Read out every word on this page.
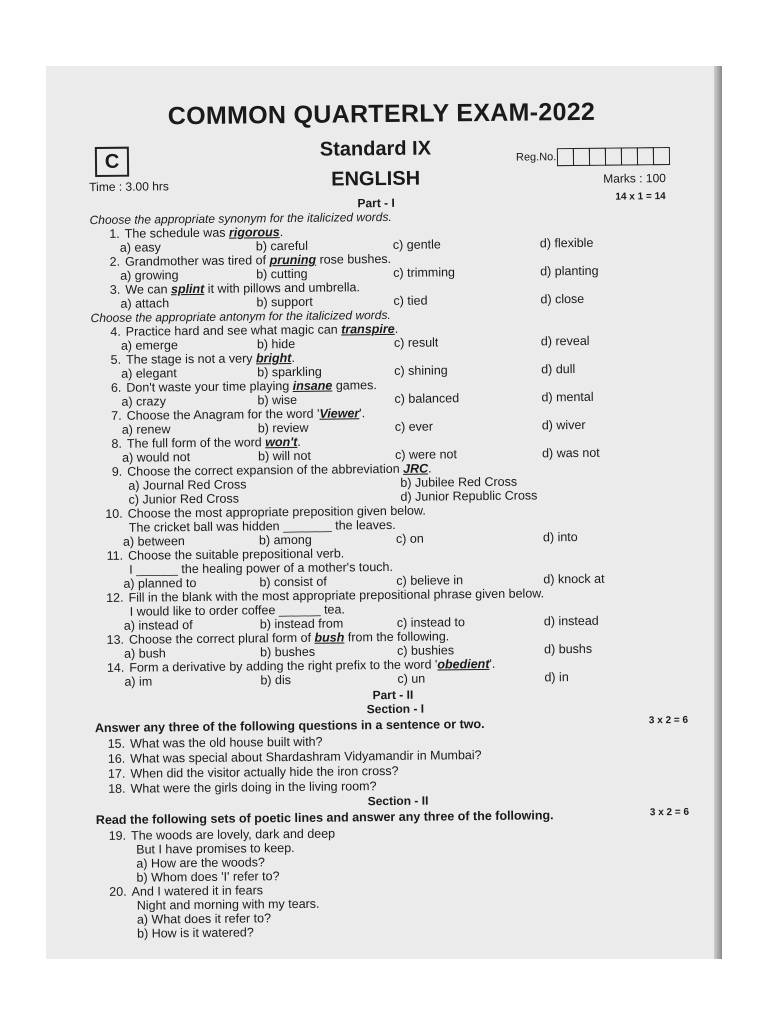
COMMON QUARTERLY EXAM-2022
C
Standard IX
ENGLISH
Reg.No.
Time : 3.00 hrs
Marks : 100
14 x 1 = 14
Part - I
Choose the appropriate synonym for the italicized words.
1. The schedule was rigorous.
a) easy	b) careful	c) gentle	d) flexible
2. Grandmother was tired of pruning rose bushes.
a) growing	b) cutting	c) trimming	d) planting
3. We can splint it with pillows and umbrella.
a) attach	b) support	c) tied	d) close
Choose the appropriate antonym for the italicized words.
4. Practice hard and see what magic can transpire.
a) emerge	b) hide	c) result	d) reveal
5. The stage is not a very bright.
a) elegant	b) sparkling	c) shining	d) dull
6. Don't waste your time playing insane games.
a) crazy	b) wise	c) balanced	d) mental
7. Choose the Anagram for the word 'Viewer'.
a) renew	b) review	c) ever	d) wiver
8. The full form of the word won't.
a) would not	b) will not	c) were not	d) was not
9. Choose the correct expansion of the abbreviation JRC.
a) Journal Red Cross	b) Jubilee Red Cross
c) Junior Red Cross	d) Junior Republic Cross
10. Choose the most appropriate preposition given below.
The cricket ball was hidden _______ the leaves.
a) between	b) among	c) on	d) into
11. Choose the suitable prepositional verb.
I ______ the healing power of a mother's touch.
a) planned to	b) consist of	c) believe in	d) knock at
12. Fill in the blank with the most appropriate prepositional phrase given below.
I would like to order coffee ______ tea.
a) instead of	b) instead from	c) instead to	d) instead
13. Choose the correct plural form of bush from the following.
a) bush	b) bushes	c) bushies	d) bushs
14. Form a derivative by adding the right prefix to the word 'obedient'.
a) im	b) dis	c) un	d) in
Part - II
Section - I
Answer any three of the following questions in a sentence or two.	3 x 2 = 6
15. What was the old house built with?
16. What was special about Shardashram Vidyamandir in Mumbai?
17. When did the visitor actually hide the iron cross?
18. What were the girls doing in the living room?
Section - II
Read the following sets of poetic lines and answer any three of the following.	3 x 2 = 6
19. The woods are lovely, dark and deep
But I have promises to keep.
a) How are the woods?
b) Whom does 'I' refer to?
20. And I watered it in fears
Night and morning with my tears.
a) What does it refer to?
b) How is it watered?
